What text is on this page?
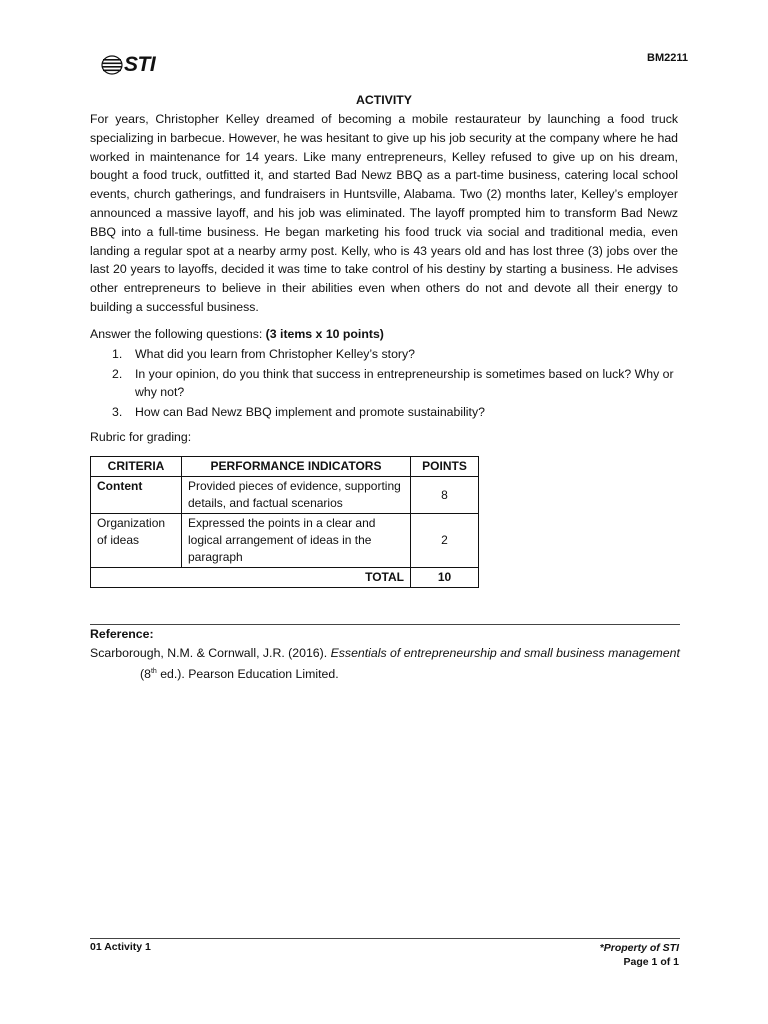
STI	BM2211
ACTIVITY
For years, Christopher Kelley dreamed of becoming a mobile restaurateur by launching a food truck specializing in barbecue. However, he was hesitant to give up his job security at the company where he had worked in maintenance for 14 years. Like many entrepreneurs, Kelley refused to give up on his dream, bought a food truck, outfitted it, and started Bad Newz BBQ as a part-time business, catering local school events, church gatherings, and fundraisers in Huntsville, Alabama. Two (2) months later, Kelley’s employer announced a massive layoff, and his job was eliminated. The layoff prompted him to transform Bad Newz BBQ into a full-time business. He began marketing his food truck via social and traditional media, even landing a regular spot at a nearby army post. Kelly, who is 43 years old and has lost three (3) jobs over the last 20 years to layoffs, decided it was time to take control of his destiny by starting a business. He advises other entrepreneurs to believe in their abilities even when others do not and devote all their energy to building a successful business.
Answer the following questions: (3 items x 10 points)
1. What did you learn from Christopher Kelley’s story?
2. In your opinion, do you think that success in entrepreneurship is sometimes based on luck? Why or why not?
3. How can Bad Newz BBQ implement and promote sustainability?
Rubric for grading:
CRITERIA	PERFORMANCE INDICATORS	POINTS
Content	Provided pieces of evidence, supporting details, and factual scenarios	8
Organization of ideas	Expressed the points in a clear and logical arrangement of ideas in the paragraph	2
TOTAL		10
Reference:
Scarborough, N.M. & Cornwall, J.R. (2016). Essentials of entrepreneurship and small business management
(8th ed.). Pearson Education Limited.
01 Activity 1	*Property of STI
Page 1 of 1
